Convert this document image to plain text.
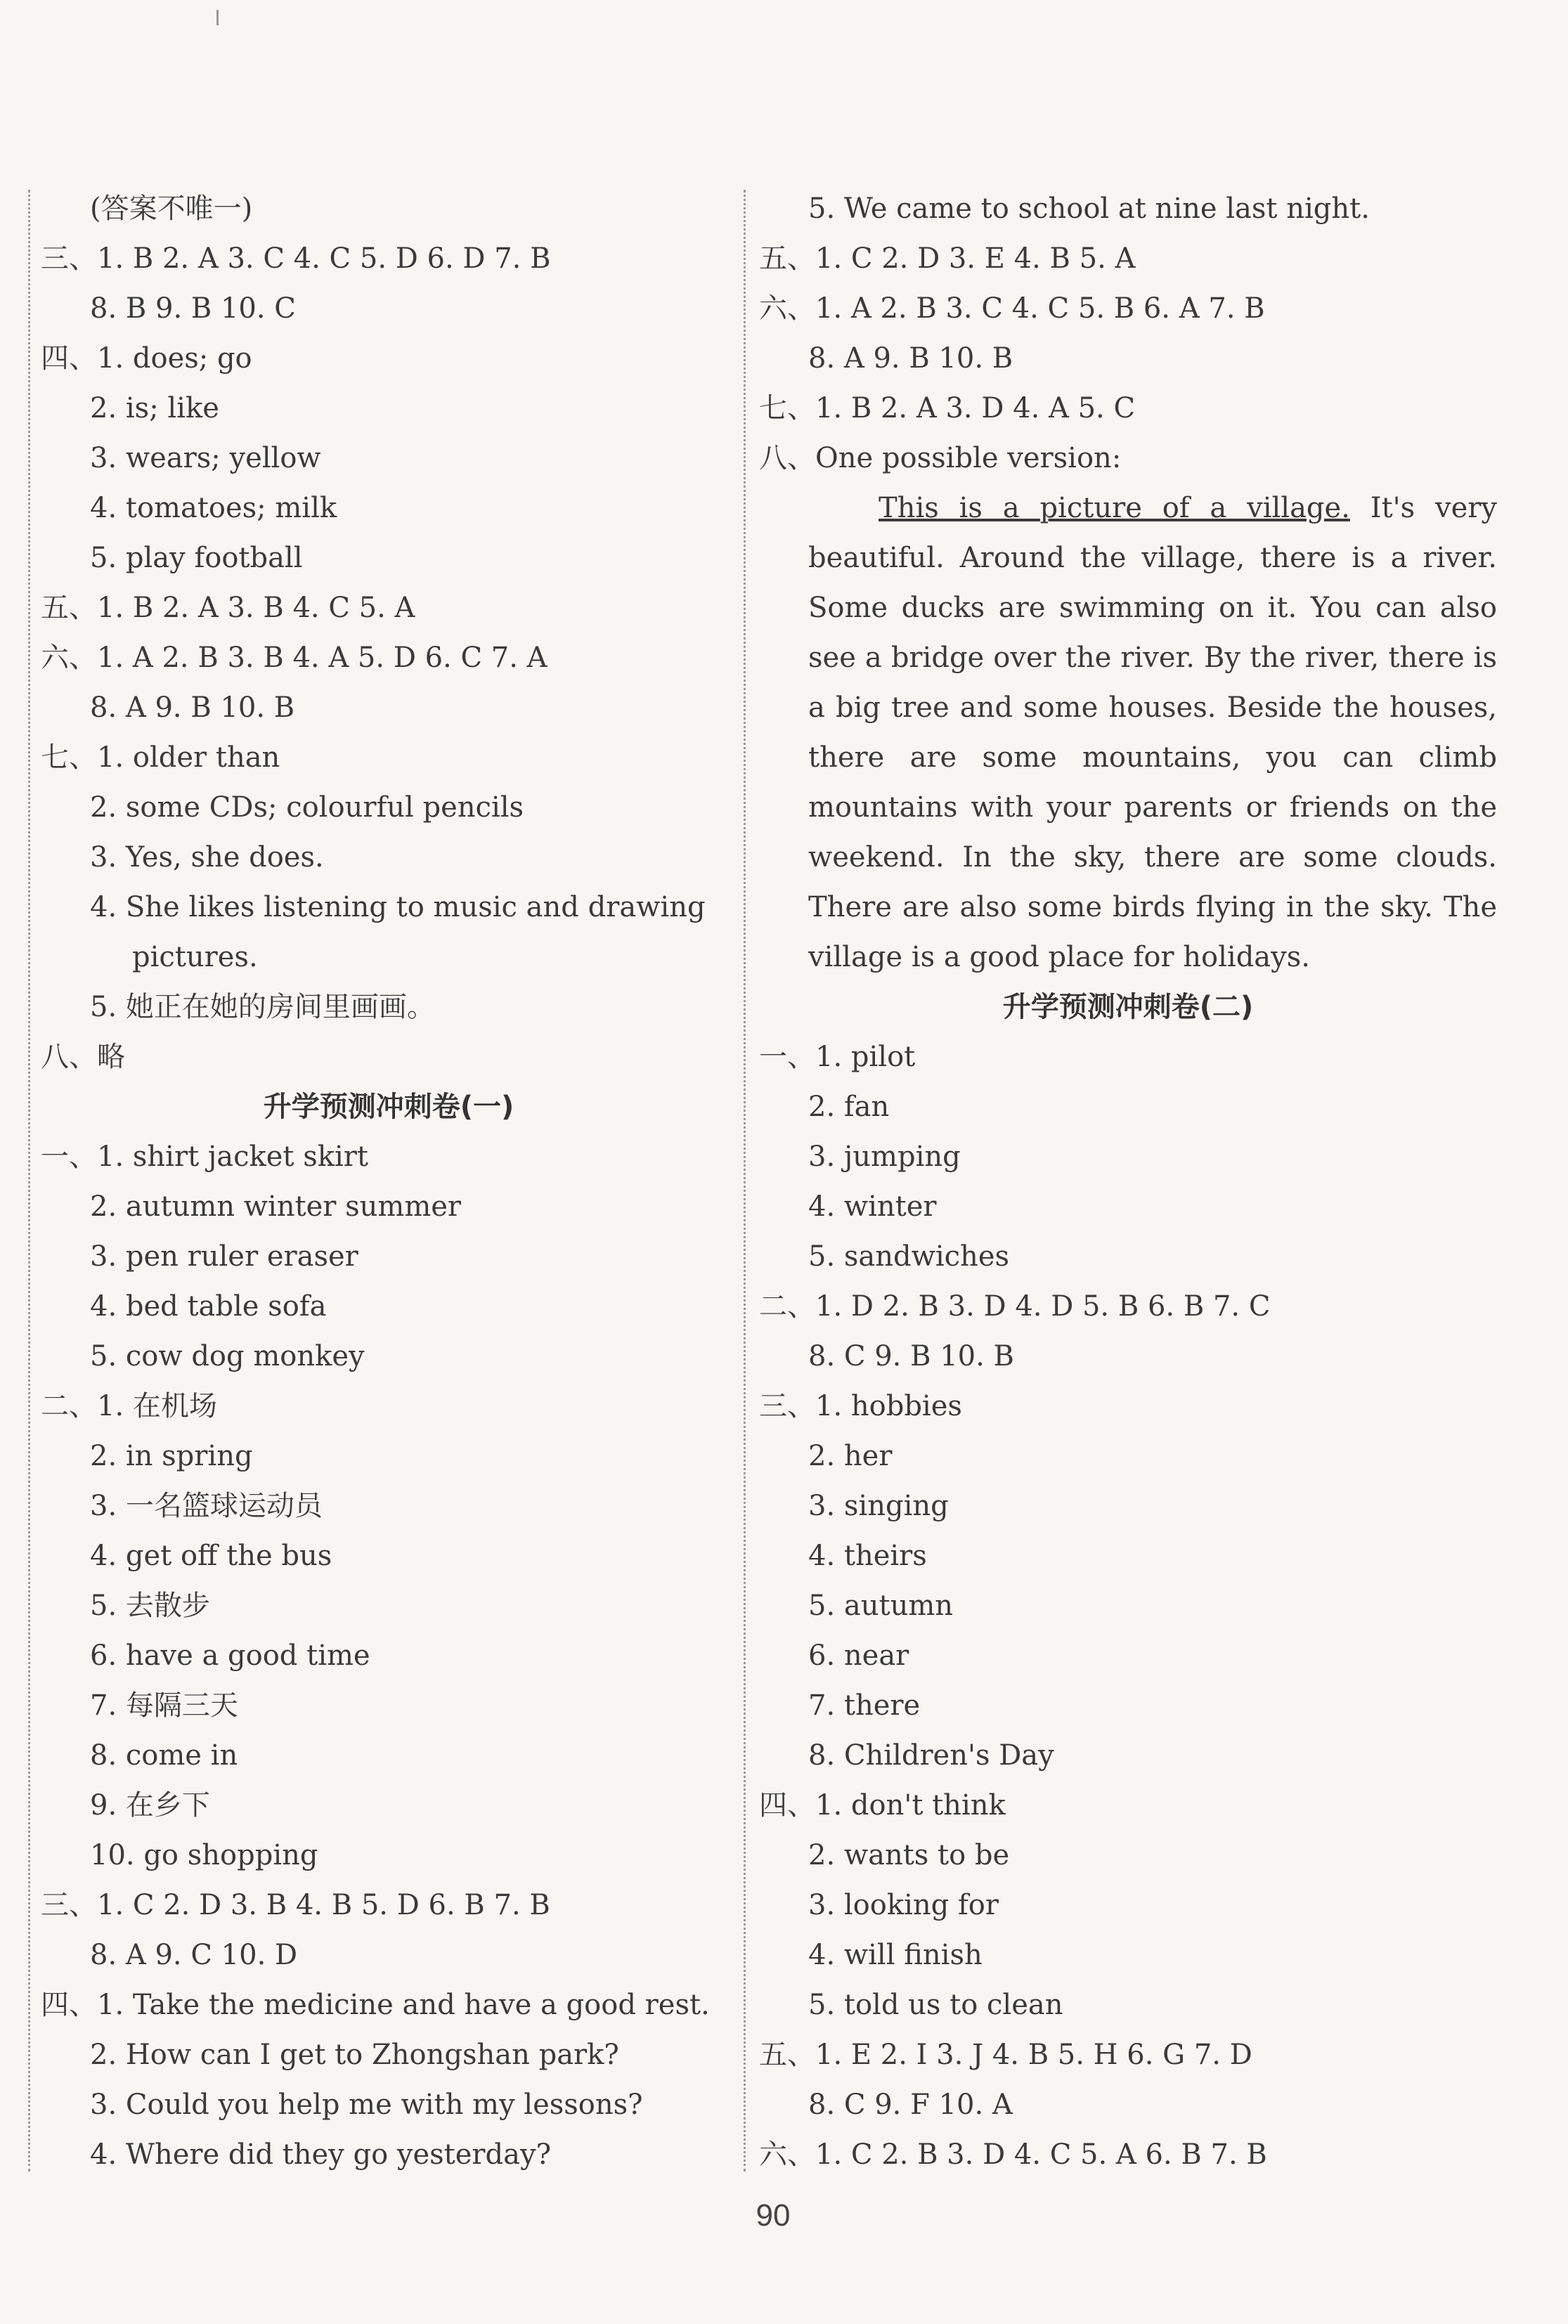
(答案不唯一)
三、1. B 2. A 3. C 4. C 5. D 6. D 7. B
8. B 9. B 10. C
四、1. does; go
2. is; like
3. wears; yellow
4. tomatoes; milk
5. play football
五、1. B 2. A 3. B 4. C 5. A
六、1. A 2. B 3. B 4. A 5. D 6. C 7. A
8. A 9. B 10. B
七、1. older than
2. some CDs; colourful pencils
3. Yes, she does.
4. She likes listening to music and drawing
pictures.
5. 她正在她的房间里画画。
八、略
升学预测冲刺卷(一)
一、1. shirt jacket skirt
2. autumn winter summer
3. pen ruler eraser
4. bed table sofa
5. cow dog monkey
二、1. 在机场
2. in spring
3. 一名篮球运动员
4. get off the bus
5. 去散步
6. have a good time
7. 每隔三天
8. come in
9. 在乡下
10. go shopping
三、1. C 2. D 3. B 4. B 5. D 6. B 7. B
8. A 9. C 10. D
四、1. Take the medicine and have a good rest.
2. How can I get to Zhongshan park?
3. Could you help me with my lessons?
4. Where did they go yesterday?
5. We came to school at nine last night.
五、1. C 2. D 3. E 4. B 5. A
六、1. A 2. B 3. C 4. C 5. B 6. A 7. B
8. A 9. B 10. B
七、1. B 2. A 3. D 4. A 5. C
八、One possible version:
This is a picture of a village. It's very beautiful. Around the village, there is a river. Some ducks are swimming on it. You can also see a bridge over the river. By the river, there is a big tree and some houses. Beside the houses, there are some mountains, you can climb mountains with your parents or friends on the weekend. In the sky, there are some clouds. There are also some birds flying in the sky. The village is a good place for holidays.
升学预测冲刺卷(二)
一、1. pilot
2. fan
3. jumping
4. winter
5. sandwiches
二、1. D 2. B 3. D 4. D 5. B 6. B 7. C
8. C 9. B 10. B
三、1. hobbies
2. her
3. singing
4. theirs
5. autumn
6. near
7. there
8. Children's Day
四、1. don't think
2. wants to be
3. looking for
4. will finish
5. told us to clean
五、1. E 2. I 3. J 4. B 5. H 6. G 7. D
8. C 9. F 10. A
六、1. C 2. B 3. D 4. C 5. A 6. B 7. B
90
